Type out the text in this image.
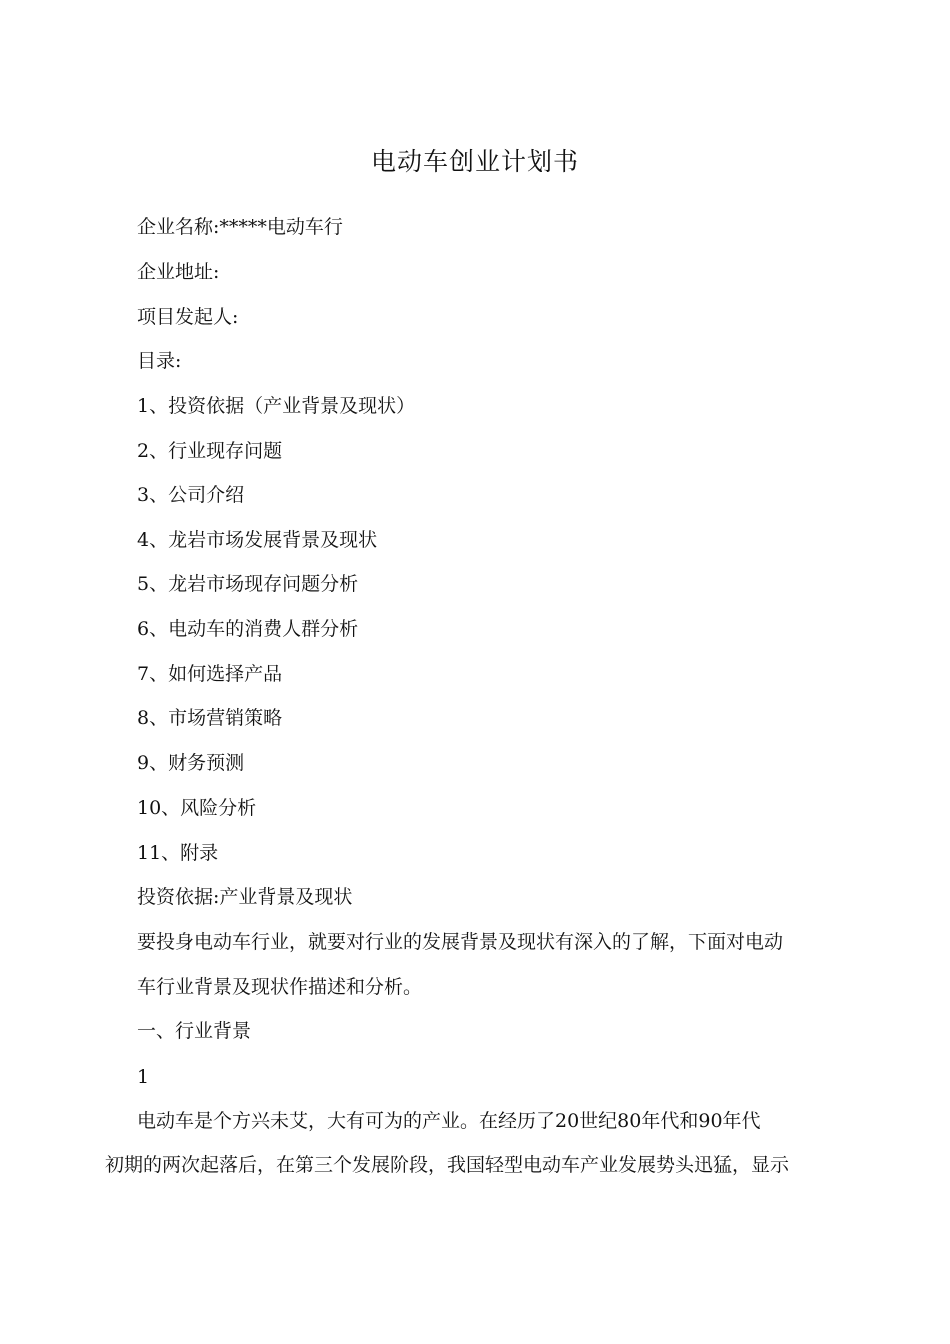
电动车创业计划书
企业名称:*****电动车行
企业地址:
项目发起人:
目录:
1、投资依据（产业背景及现状）
2、行业现存问题
3、公司介绍
4、龙岩市场发展背景及现状
5、龙岩市场现存问题分析
6、电动车的消费人群分析
7、如何选择产品
8、市场营销策略
9、财务预测
10、风险分析
11、附录
投资依据:产业背景及现状
要投身电动车行业，就要对行业的发展背景及现状有深入的了解，下面对电动
车行业背景及现状作描述和分析。
一、行业背景
1
电动车是个方兴未艾，大有可为的产业。在经历了20世纪80年代和90年代
初期的两次起落后，在第三个发展阶段，我国轻型电动车产业发展势头迅猛，显示
